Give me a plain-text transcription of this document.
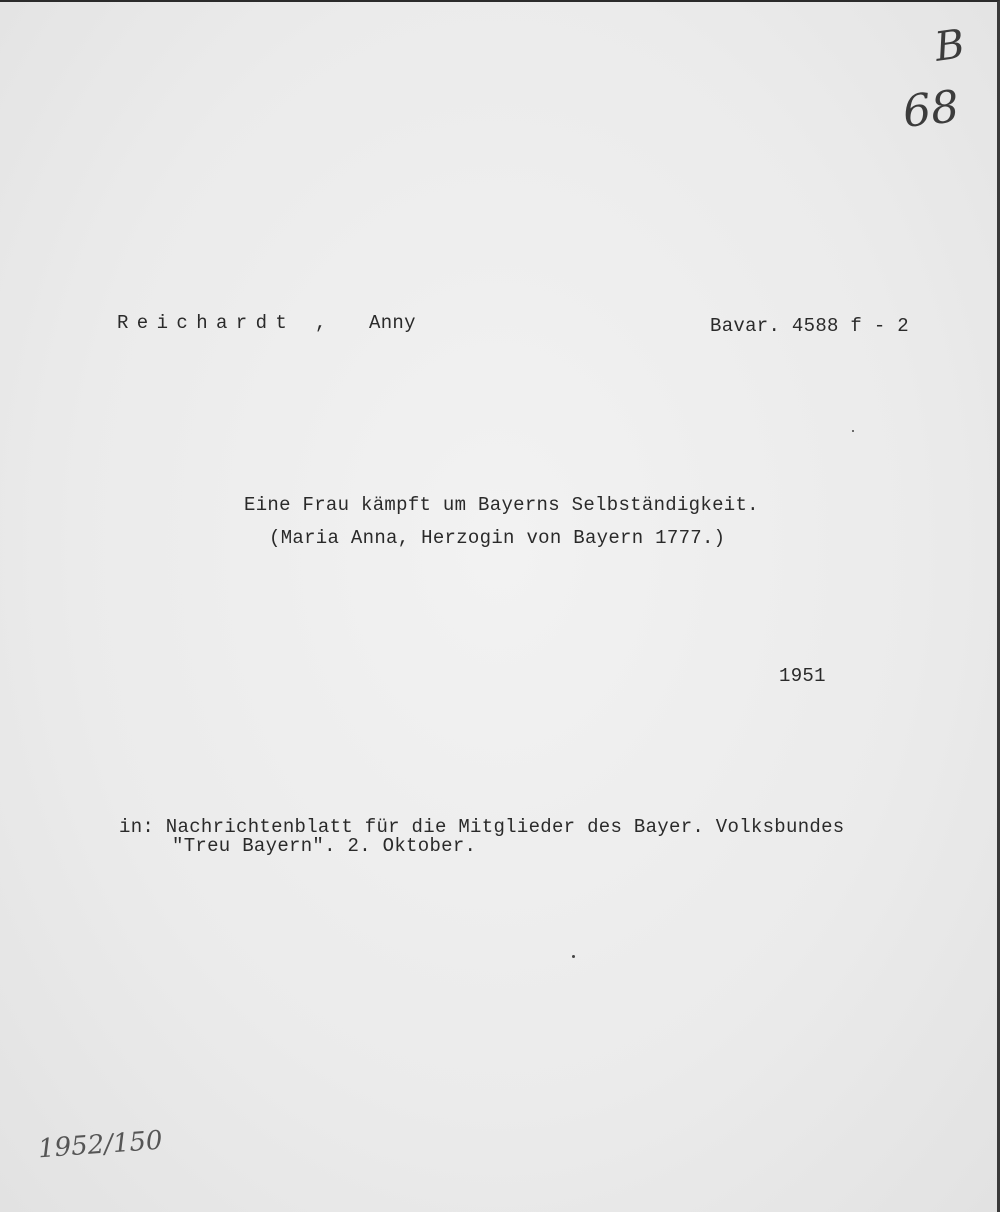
Reichardt , Anny	Bavar. 4588 f - 2
Eine Frau kämpft um Bayerns Selbständigkeit.
(Maria Anna, Herzogin von Bayern 1777.)
1951
in: Nachrichtenblatt für die Mitglieder des Bayer. Volksbundes
"Treu Bayern". 2. Oktober.
B
68
1952/150
